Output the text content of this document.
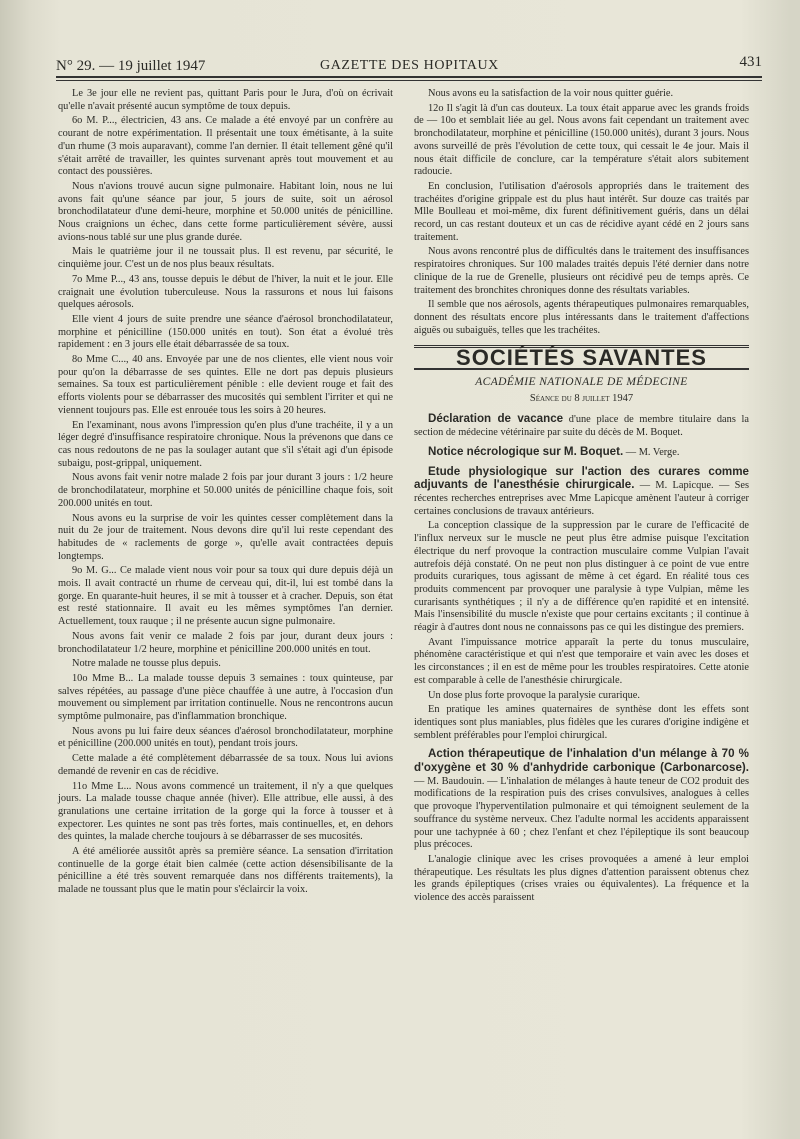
N° 29. — 19 juillet 1947	GAZETTE DES HOPITAUX	431

Le 3e jour elle ne revient pas, quittant Paris pour le Jura, d'où on écrivait qu'elle n'avait présenté aucun symptôme de toux depuis.

6o M. P..., électricien, 43 ans. Ce malade a été envoyé par un confrère au courant de notre expérimentation. Il présentait une toux émétisante, à la suite d'un rhume (3 mois auparavant), comme l'an dernier. Il était tellement gêné qu'il s'était arrêté de travailler, les quintes survenant après tout mouvement et au contact des poussières.

Nous n'avions trouvé aucun signe pulmonaire. Habitant loin, nous ne lui avons fait qu'une séance par jour, 5 jours de suite, soit un aérosol bronchodilatateur d'une demi-heure, morphine et 50.000 unités de pénicilline. Nous craignions un échec, dans cette forme particulièrement sévère, aussi avions-nous tablé sur une plus grande durée.

Mais le quatrième jour il ne toussait plus. Il est revenu, par sécurité, le cinquième jour. C'est un de nos plus beaux résultats.

7o Mme P..., 43 ans, tousse depuis le début de l'hiver, la nuit et le jour. Elle craignait une évolution tuberculeuse. Nous la rassurons et nous lui faisons quelques aérosols.

Elle vient 4 jours de suite prendre une séance d'aérosol bronchodilatateur, morphine et pénicilline (150.000 unités en tout). Son état a évolué très rapidement : en 3 jours elle était débarrassée de sa toux.

8o Mme C..., 40 ans. Envoyée par une de nos clientes, elle vient nous voir pour qu'on la débarrasse de ses quintes. Elle ne dort pas depuis plusieurs semaines. Sa toux est particulièrement pénible : elle devient rouge et fait des efforts violents pour se débarrasser des mucosités qui semblent l'irriter et qui ne viennent toujours pas. Elle est enrouée tous les soirs à 20 heures.

En l'examinant, nous avons l'impression qu'en plus d'une trachéite, il y a un léger degré d'insuffisance respiratoire chronique. Nous la prévenons que dans ce cas nous redoutons de ne pas la soulager autant que s'il s'était agi d'un épisode subaigu, post-grippal, uniquement.

Nous avons fait venir notre malade 2 fois par jour durant 3 jours : 1/2 heure de bronchodilatateur, morphine et 50.000 unités de pénicilline chaque fois, soit 200.000 unités en tout.

Nous avons eu la surprise de voir les quintes cesser complètement dans la nuit du 2e jour de traitement. Nous devons dire qu'il lui reste cependant des habitudes de « raclements de gorge », qu'elle avait contractées depuis longtemps.

9o M. G... Ce malade vient nous voir pour sa toux qui dure depuis déjà un mois. Il avait contracté un rhume de cerveau qui, dit-il, lui est tombé dans la gorge. En quarante-huit heures, il se mit à tousser et à cracher. Depuis, son état est resté stationnaire. Il avait eu les mêmes symptômes l'an dernier. Actuellement, toux rauque ; il ne présente aucun signe pulmonaire.

Nous avons fait venir ce malade 2 fois par jour, durant deux jours : bronchodilatateur 1/2 heure, morphine et pénicilline 200.000 unités en tout.

Notre malade ne tousse plus depuis.

10o Mme B... La malade tousse depuis 3 semaines : toux quinteuse, par salves répétées, au passage d'une pièce chauffée à une autre, à l'occasion d'un mouvement ou simplement par irritation continuelle. Nous ne rencontrons aucun symptôme pulmonaire, pas d'inflammation bronchique.

Nous avons pu lui faire deux séances d'aérosol bronchodilatateur, morphine et pénicilline (200.000 unités en tout), pendant trois jours.

Cette malade a été complètement débarrassée de sa toux. Nous lui avions demandé de revenir en cas de récidive.

11o Mme L... Nous avons commencé un traitement, il n'y a que quelques jours. La malade tousse chaque année (hiver). Elle attribue, elle aussi, à des granulations une certaine irritation de la gorge qui la force à tousser et à expectorer. Les quintes ne sont pas très fortes, mais continuelles, et, en dehors des quintes, la malade cherche toujours à se débarrasser de ses mucosités.

A été améliorée aussitôt après sa première séance. La sensation d'irritation continuelle de la gorge était bien calmée (cette action désensibilisante de la pénicilline a été très souvent remarquée dans nos différents traitements), la malade ne toussant plus que le matin pour s'éclaircir la voix.

Nous avons eu la satisfaction de la voir nous quitter guérie.

12o Il s'agit là d'un cas douteux. La toux était apparue avec les grands froids de — 10o et semblait liée au gel. Nous avons fait cependant un traitement avec bronchodilatateur, morphine et pénicilline (150.000 unités), durant 3 jours. Nous avons surveillé de près l'évolution de cette toux, qui cessait le 4e jour. Mais il nous était difficile de conclure, car la température s'était alors subitement radoucie.

En conclusion, l'utilisation d'aérosols appropriés dans le traitement des trachéites d'origine grippale est du plus haut intérêt. Sur douze cas traités par Mlle Boulleau et moi-même, dix furent définitivement guéris, dans un délai record, un cas restant douteux et un cas de récidive ayant cédé en 2 jours sans traitement.

Nous avons rencontré plus de difficultés dans le traitement des insuffisances respiratoires chroniques. Sur 100 malades traités depuis l'été dernier dans notre clinique de la rue de Grenelle, plusieurs ont récidivé peu de temps après. Ce traitement des bronchites chroniques donne des résultats variables.

Il semble que nos aérosols, agents thérapeutiques pulmonaires remarquables, donnent des résultats encore plus intéressants dans le traitement d'affections aiguës ou subaiguës, telles que les trachéites.

SOCIÉTÉS SAVANTES
ACADÉMIE NATIONALE DE MÉDECINE
Séance du 8 juillet 1947

Déclaration de vacance d'une place de membre titulaire dans la section de médecine vétérinaire par suite du décès de M. Boquet.

Notice nécrologique sur M. Boquet. — M. Verge.

Etude physiologique sur l'action des curares comme adjuvants de l'anesthésie chirurgicale. — M. Lapicque. — Ses récentes recherches entreprises avec Mme Lapicque amènent l'auteur à corriger certaines conclusions de travaux antérieurs.

La conception classique de la suppression par le curare de l'efficacité de l'influx nerveux sur le muscle ne peut plus être admise puisque l'excitation électrique du nerf provoque la contraction musculaire comme Vulpian l'avait autrefois déjà constaté. On ne peut non plus distinguer à ce point de vue entre produits curariques, tous agissant de même à cet égard. En réalité tous ces produits commencent par provoquer une paralysie à type Vulpian, même les curarisants synthétiques ; il n'y a de différence qu'en rapidité et en intensité. Mais l'insensibilité du muscle n'existe que pour certains excitants ; il continue à réagir à d'autres dont nous ne connaissons pas ce qui les distingue des premiers.

Avant l'impuissance motrice apparaît la perte du tonus musculaire, phénomène caractéristique et qui n'est que temporaire et vain avec les doses et les circonstances ; il en est de même pour les troubles respiratoires. Cette atonie est comparable à celle de l'anesthésie chirurgicale.

Un dose plus forte provoque la paralysie curarique.

En pratique les amines quaternaires de synthèse dont les effets sont identiques sont plus maniables, plus fidèles que les curares d'origine indigène et semblent préférables pour l'emploi chirurgical.

Action thérapeutique de l'inhalation d'un mélange à 70 % d'oxygène et 30 % d'anhydride carbonique (Carbonarcose). — M. Baudouin. — L'inhalation de mélanges à haute teneur de CO2 produit des modifications de la respiration puis des crises convulsives, analogues à celles que provoque l'hyperventilation pulmonaire et qui témoignent seulement de la souffrance du système nerveux. Chez l'adulte normal les accidents apparaissent pour une tachypnée à 60 ; chez l'enfant et chez l'épileptique ils sont beaucoup plus précoces.

L'analogie clinique avec les crises provoquées a amené à leur emploi thérapeutique. Les résultats les plus dignes d'attention paraissent obtenus chez les grands épileptiques (crises vraies ou équivalentes). La fréquence et la violence des accès paraissent
